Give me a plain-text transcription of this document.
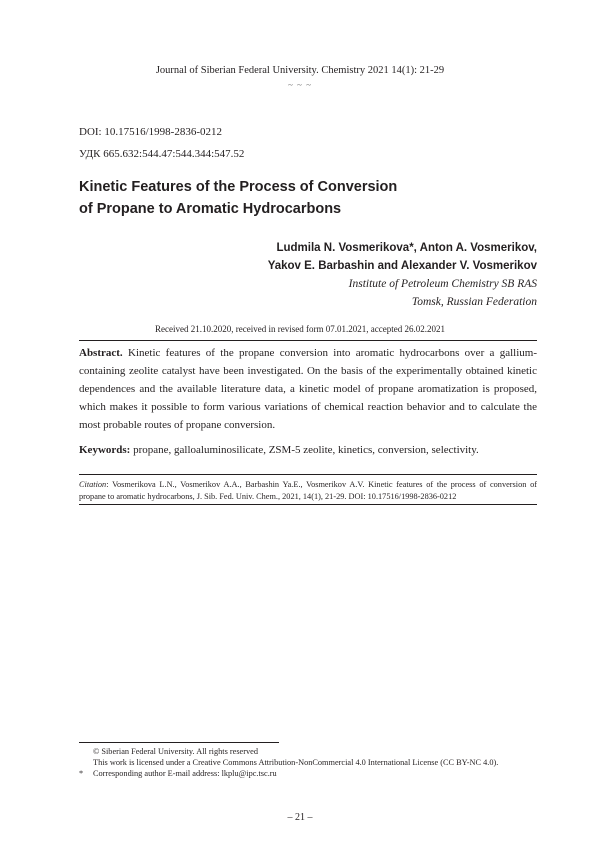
Journal of Siberian Federal University. Chemistry 2021 14(1): 21-29
~ ~ ~
DOI: 10.17516/1998-2836-0212
УДК 665.632:544.47:544.344:547.52
Kinetic Features of the Process of Conversion
of Propane to Aromatic Hydrocarbons
Ludmila N. Vosmerikova*, Anton A. Vosmerikov,
Yakov E. Barbashin and Alexander V. Vosmerikov
Institute of Petroleum Chemistry SB RAS
Tomsk, Russian Federation
Received 21.10.2020, received in revised form 07.01.2021, accepted 26.02.2021
Abstract. Kinetic features of the propane conversion into aromatic hydrocarbons over a gallium-containing zeolite catalyst have been investigated. On the basis of the experimentally obtained kinetic dependences and the available literature data, a kinetic model of propane aromatization is proposed, which makes it possible to form various variations of chemical reaction behavior and to calculate the most probable routes of propane conversion.
Keywords: propane, galloaluminosilicate, ZSM-5 zeolite, kinetics, conversion, selectivity.
Citation: Vosmerikova L.N., Vosmerikov A.A., Barbashin Ya.E., Vosmerikov A.V. Kinetic features of the process of conversion of propane to aromatic hydrocarbons, J. Sib. Fed. Univ. Chem., 2021, 14(1), 21-29. DOI: 10.17516/1998-2836-0212
© Siberian Federal University. All rights reserved
This work is licensed under a Creative Commons Attribution-NonCommercial 4.0 International License (CC BY-NC 4.0).
* Corresponding author E-mail address: lkplu@ipc.tsc.ru
– 21 –
